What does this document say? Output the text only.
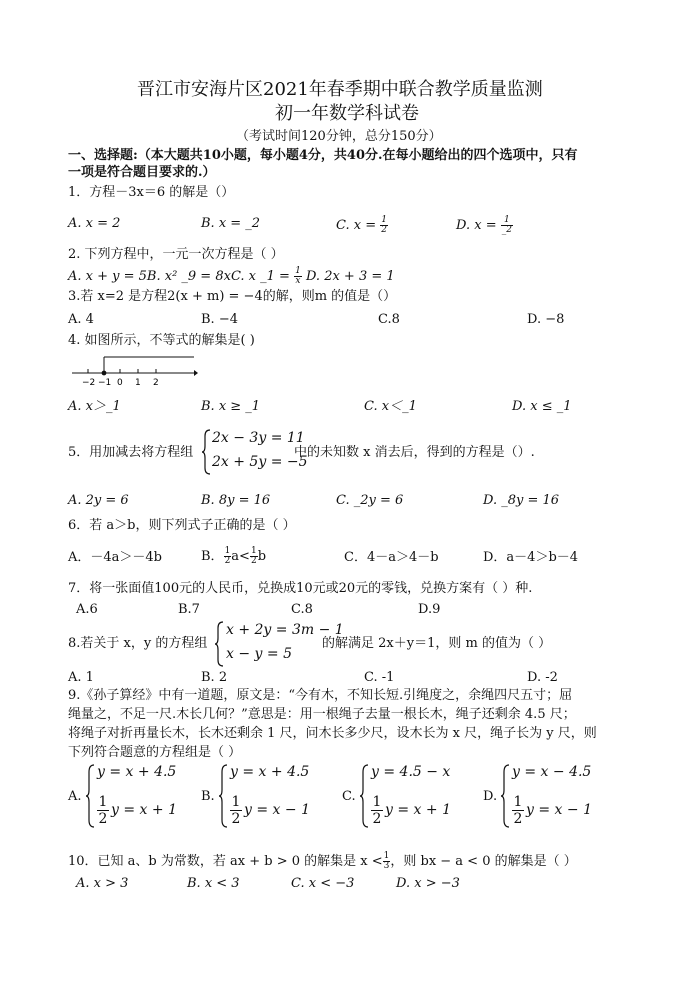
晋江市安海片区2021年春季期中联合教学质量监测
初一年数学科试卷
（考试时间120分钟，总分150分）
一、选择题:（本大题共10小题，每小题4分，共40分.在每小题给出的四个选项中，只有
一项是符合题目要求的.）
1．方程－3x＝6 的解是（）
A. x = 2	B. x = _2	C. $x = \frac{1}{2}$	D. $x = \frac{1}{\_2}$
2. 下列方程中，一元一次方程是（ ）
A. x + y = 5B. x² _9 = 8xC. x _1 = $\frac{1}{x} D$. 2x + 3 = 1
3.若 x=2 是方程2(x + m) = −4的解，则m 的值是（）
A. 4	B. −4	C.8	D. −8
4. 如图所示，不等式的解集是( )
−2 −1 0 1 2
A. x＞_1	B. x ≥ _1	C. x＜_1	D. x ≤ _1
5．用加减去将方程组
2x − 3y = 11
2x + 5y = −5
中的未知数 x 消去后，得到的方程是（）.
A. 2y = 6	B. 8y = 16	C. _2y = 6	D. _8y = 16
6．若 a＞b，则下列式子正确的是（ ）
A．－4a＞－4b	B． $\frac{1}{2} a< \frac{1}{2}$ b	C．4－a＞4－b	D．a－4＞b－4
7．将一张面值100元的人民币，兑换成10元或20元的零钱，兑换方案有（ ）种.
A.6	B.7	C.8	D.9
8.若关于 x，y 的方程组
x + 2y = 3m − 1
x − y = 5
的解满足 2x＋y＝1，则 m 的值为（ ）
A. 1	B. 2	C. -1	D. -2
9.《孙子算经》中有一道题，原文是：“今有木，不知长短.引绳度之，余绳四尺五寸；屈
绳量之，不足一尺.木长几何？”意思是：用一根绳子去量一根长木，绳子还剩余 4.5 尺；
将绳子对折再量长木，长木还剩余 1 尺，问木长多少尺，设木长为 x 尺，绳子长为 y 尺，则
下列符合题意的方程组是（ ）
A.
y = x + 4.5
1
2
y = x + 1
B.
y = x + 4.5
1
2
y = x − 1
C.
y = 4.5 − x
1
2
y = x + 1
D.
y = x − 4.5
1
2
y = x − 1
10．已知 a、b 为常数，若 ax + b > 0 的解集是 $x < \frac{1}{3}$ ，则 bx − a < 0 的解集是（ ）
A. x > 3	B. x < 3	C. x < −3	D. x > −3
